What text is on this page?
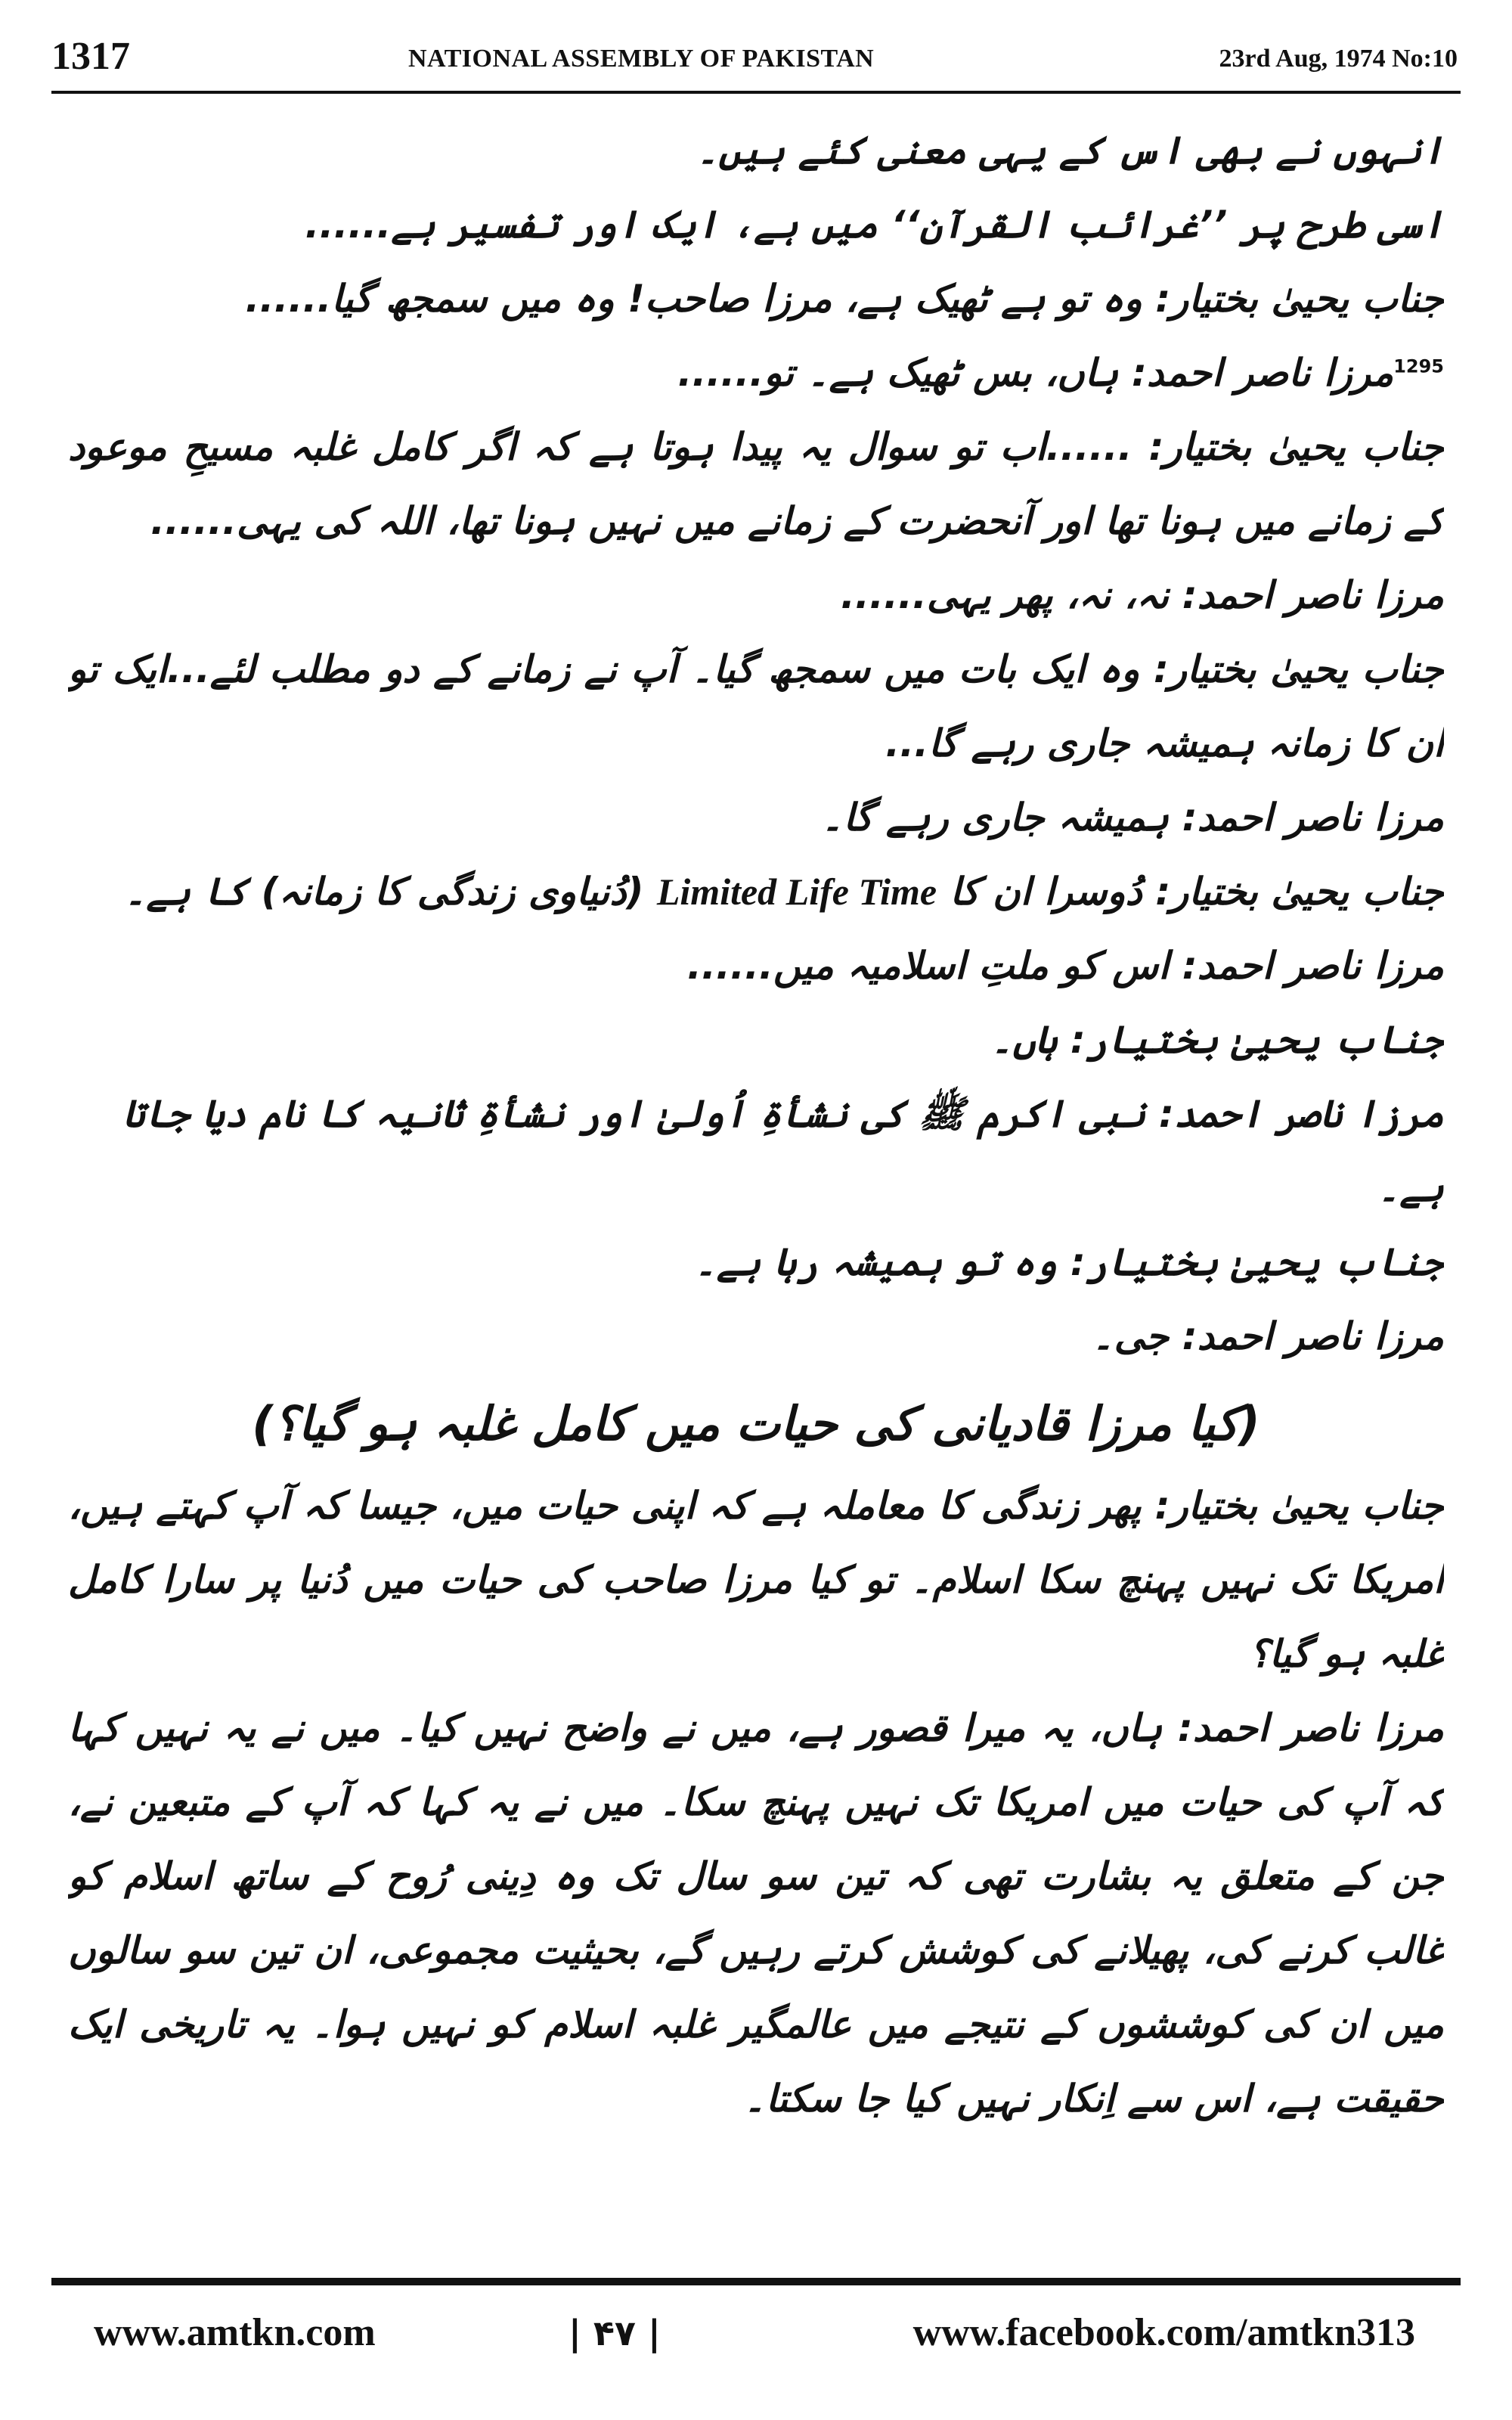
1317	NATIONAL ASSEMBLY OF PAKISTAN	23rd Aug, 1974 No:10

انہوں نے بھی اس کے یہی معنی کئے ہیں۔

اسی طرح پر ’’غرائب القرآن‘‘ میں ہے، ایک اور تفسیر ہے......

جناب یحییٰ بختیار: وہ تو ہے ٹھیک ہے، مرزا صاحب! وہ میں سمجھ گیا......

$^{1295}$مرزا ناصر احمد: ہاں، بس ٹھیک ہے۔ تو......

جناب یحییٰ بختیار: ......اب تو سوال یہ پیدا ہوتا ہے کہ اگر کامل غلبہ مسیحِ موعود کے زمانے میں ہونا تھا اور آنحضرت کے زمانے میں نہیں ہونا تھا، اللہ کی یہی......

مرزا ناصر احمد: نہ، نہ، پھر یہی......

جناب یحییٰ بختیار: وہ ایک بات میں سمجھ گیا۔ آپ نے زمانے کے دو مطلب لئے...ایک تو ان کا زمانہ ہمیشہ جاری رہے گا...

مرزا ناصر احمد: ہمیشہ جاری رہے گا۔

جناب یحییٰ بختیار: دُوسرا ان کا Limited Life Time (دُنیاوی زندگی کا زمانہ) کا ہے۔

مرزا ناصر احمد: اس کو ملتِ اسلامیہ میں......

جناب یحییٰ بختیار: ہاں۔

مرزا ناصر احمد: نبی اکرم ﷺ کی نشأۃِ اُولیٰ اور نشأۃِ ثانیہ کا نام دیا جاتا ہے۔

جناب یحییٰ بختیار: وہ تو ہمیشہ رہا ہے۔

مرزا ناصر احمد: جی۔

(کیا مرزا قادیانی کی حیات میں کامل غلبہ ہو گیا؟)

جناب یحییٰ بختیار: پھر زندگی کا معاملہ ہے کہ اپنی حیات میں، جیسا کہ آپ کہتے ہیں، امریکا تک نہیں پہنچ سکا اسلام۔ تو کیا مرزا صاحب کی حیات میں دُنیا پر سارا کامل غلبہ ہو گیا؟

مرزا ناصر احمد: ہاں، یہ میرا قصور ہے، میں نے واضح نہیں کیا۔ میں نے یہ نہیں کہا کہ آپ کی حیات میں امریکا تک نہیں پہنچ سکا۔ میں نے یہ کہا کہ آپ کے متبعین نے، جن کے متعلق یہ بشارت تھی کہ تین سو سال تک وہ دِینی رُوح کے ساتھ اسلام کو غالب کرنے کی، پھیلانے کی کوشش کرتے رہیں گے، بحیثیت مجموعی، ان تین سو سالوں میں ان کی کوششوں کے نتیجے میں عالمگیر غلبہ اسلام کو نہیں ہوا۔ یہ تاریخی ایک حقیقت ہے، اس سے اِنکار نہیں کیا جا سکتا۔

www.amtkn.com	| ۴۷ |	www.facebook.com/amtkn313
